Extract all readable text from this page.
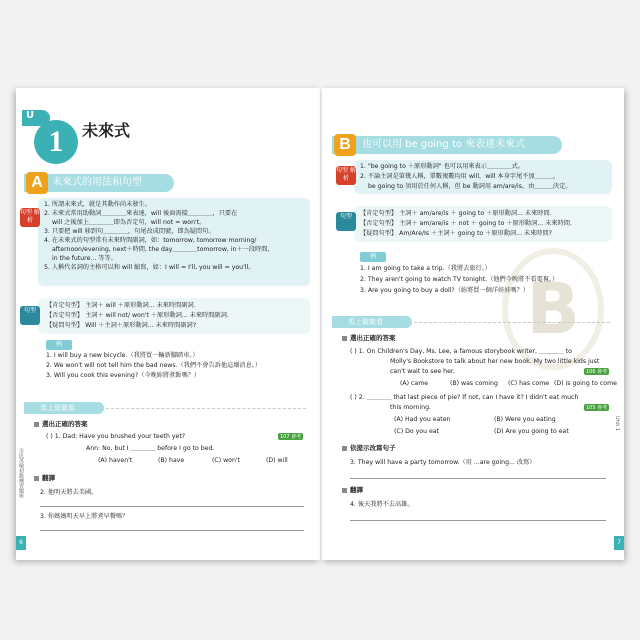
U
1	未來式
未來式的用法和句型
A
句型 解析
1. 所謂未來式，就是其動作尚未發生。
2. 未來式常用助動詞＿＿＿＿來表達，will 後面需接＿＿＿＿，只要在
will 之後加上＿＿＿＿即為否定句，will not = won't。
3. 只要把 will 移到句＿＿＿＿，句尾改成問號，即為疑問句。
4. 在未來式的句型常有未來時間副詞，如：tomorrow, tomorrow morning/
afternoon/evening, next＋時間, the day＿＿＿＿tomorrow, in＋一段時間,
in the future... 等等。
5. 人稱代名詞的主格可以和 will 縮寫，如：I will = I'll, you will = you'll。
句型
【肯定句型】 主詞＋ will ＋原形動詞... 未來時間副詞.
【否定句型】 主詞＋ will not/ won't ＋原形動詞... 未來時間副詞.
【疑問句型】 Will ＋主詞＋原形動詞... 未來時間副詞?
例
1. I will buy a new bicycle.（我將買一輛新腳踏車。）
2. We won't will not tell him the bad news.（我們不會告訴他這壞消息。）
3. Will you cook this evening?（今晚妳將煮飯嗎？）
馬上做做看
選出正確的答案
( ) 1. Dad: Have you brushed your teeth yet?	107 會考
Ann: No, but I ＿＿＿＿ before I go to bed.
(A) haven't	(B) have	(C) won't	(D) will
翻譯
2. 他明天將去美國。
3. 你媽媽明天早上將煮早餐嗎？
全民英檢初級練習題庫
6
也可以用 be going to 來表達未來式
B
句型 解析
1. "be going to ＋原形動詞" 也可以用來表示＿＿＿＿式。
2. 不論主詞是第幾人稱，單數複數均用 will，will 本身字尾不加＿＿＿，
be going to 須用於任何人稱，但 be 動詞用 am/are/is，由＿＿＿決定。
句型	【肯定句型】 主詞＋ am/are/is ＋ going to ＋原形動詞... 未來時間.
【否定句型】 主詞＋ am/are/is ＋ not ＋ going to ＋原形動詞... 未來時間.
【疑問句型】 Am/Are/Is ＋主詞＋ going to ＋原形動詞... 未來時間?
例
1. I am going to take a trip.（我將去旅行。）
2. They aren't going to watch TV tonight.（他們今晚將不看電視。）
3. Are you going to buy a doll?（妳將買一個洋娃娃嗎？）
B
馬上做做看
選出正確的答案
( ) 1. On Children's Day, Ms. Lee, a famous storybook writer, ＿＿＿＿ to
Molly's Bookstore to talk about her new book. My two little kids just
can't wait to see her.	106 會考
(A) came	(B) was coming (C) has come (D) is going to come
( ) 2. ＿＿＿＿ that last piece of pie? If not, can I have it? I didn't eat much
this morning.	105 會考
(A) Had you eaten	(B) Were you eating
(C) Do you eat	(D) Are you going to eat
依提示改寫句子
3. They will have a party tomorrow.（用 ...are going... 改寫）
翻譯
4. 後天我將不去高雄。
Unit 1
7
